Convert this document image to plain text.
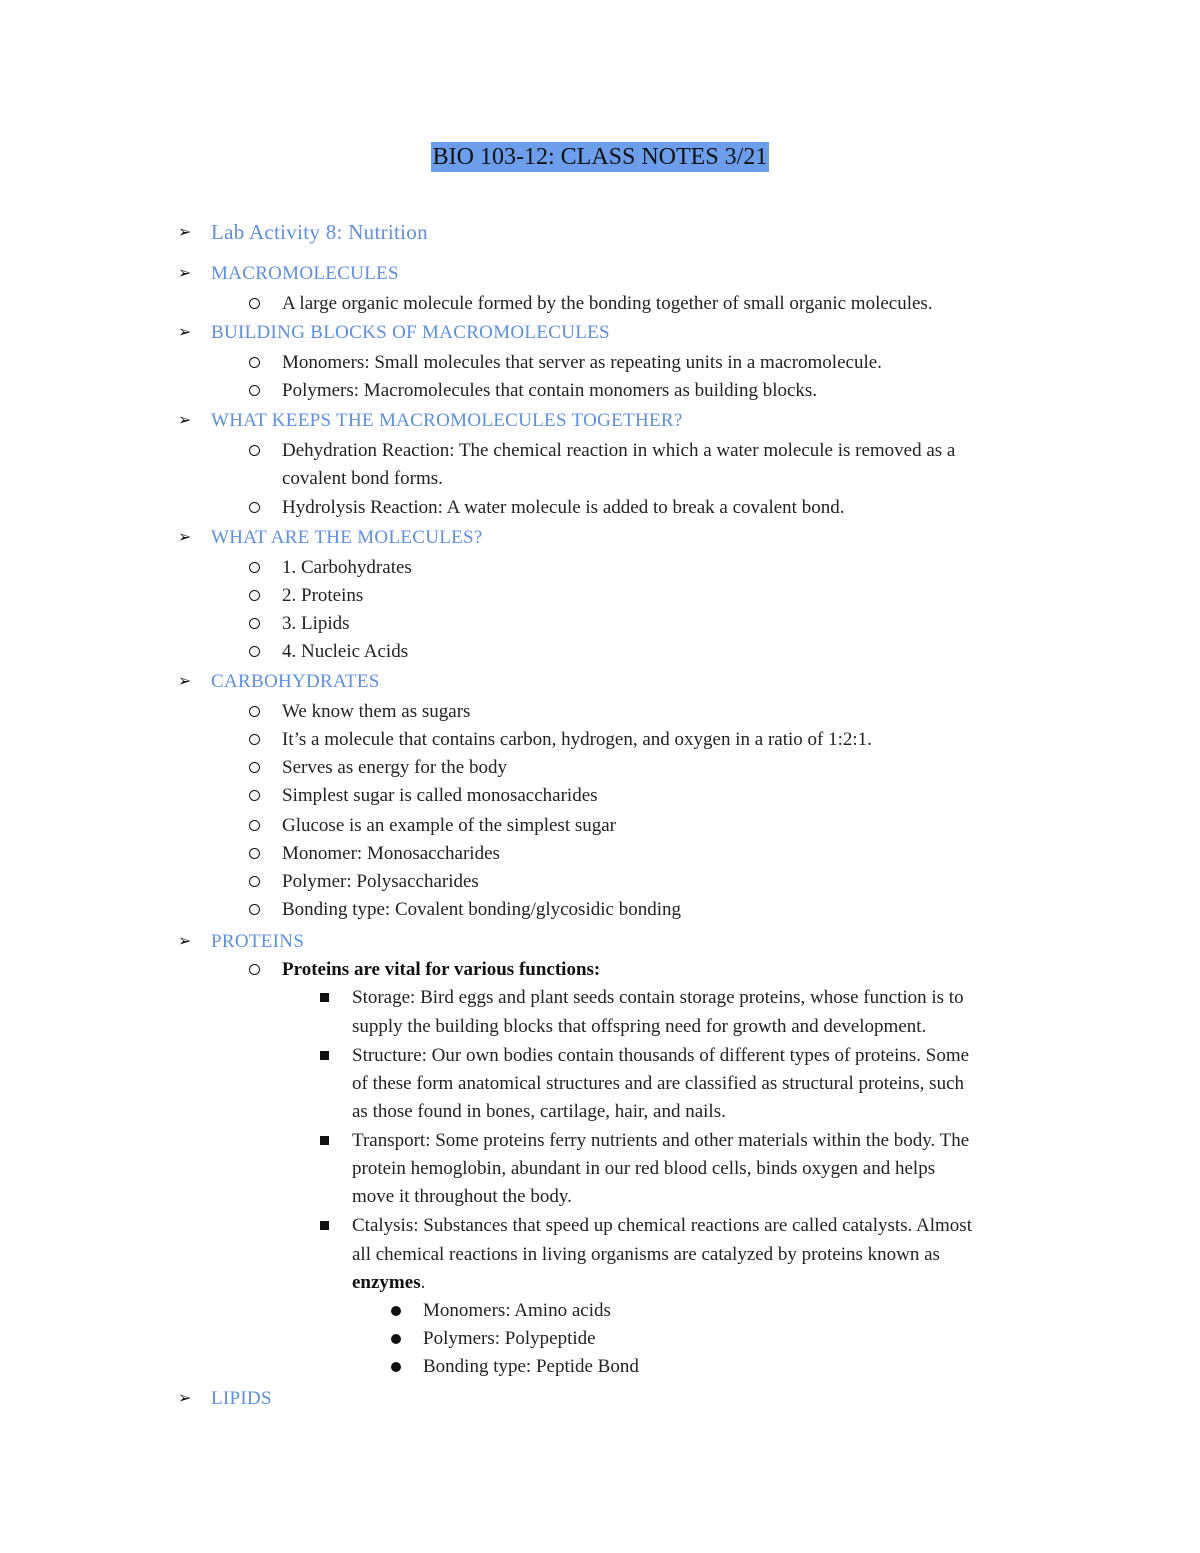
BIO 103-12: CLASS NOTES 3/21
➢ Lab Activity 8: Nutrition
➢ MACROMOLECULES
A large organic molecule formed by the bonding together of small organic molecules.
➢ BUILDING BLOCKS OF MACROMOLECULES
Monomers: Small molecules that server as repeating units in a macromolecule.
Polymers: Macromolecules that contain monomers as building blocks.
➢ WHAT KEEPS THE MACROMOLECULES TOGETHER?
Dehydration Reaction: The chemical reaction in which a water molecule is removed as a
covalent bond forms.
Hydrolysis Reaction: A water molecule is added to break a covalent bond.
➢ WHAT ARE THE MOLECULES?
1. Carbohydrates
2. Proteins
3. Lipids
4. Nucleic Acids
➢ CARBOHYDRATES
We know them as sugars
It’s a molecule that contains carbon, hydrogen, and oxygen in a ratio of 1:2:1.
Serves as energy for the body
Simplest sugar is called monosaccharides
Glucose is an example of the simplest sugar
Monomer: Monosaccharides
Polymer: Polysaccharides
Bonding type: Covalent bonding/glycosidic bonding
➢ PROTEINS
Proteins are vital for various functions:
Storage: Bird eggs and plant seeds contain storage proteins, whose function is to
supply the building blocks that offspring need for growth and development.
Structure: Our own bodies contain thousands of different types of proteins. Some
of these form anatomical structures and are classified as structural proteins, such
as those found in bones, cartilage, hair, and nails.
Transport: Some proteins ferry nutrients and other materials within the body. The
protein hemoglobin, abundant in our red blood cells, binds oxygen and helps
move it throughout the body.
Ctalysis: Substances that speed up chemical reactions are called catalysts. Almost
all chemical reactions in living organisms are catalyzed by proteins known as
enzymes.
Monomers: Amino acids
Polymers: Polypeptide
Bonding type: Peptide Bond
➢ LIPIDS
